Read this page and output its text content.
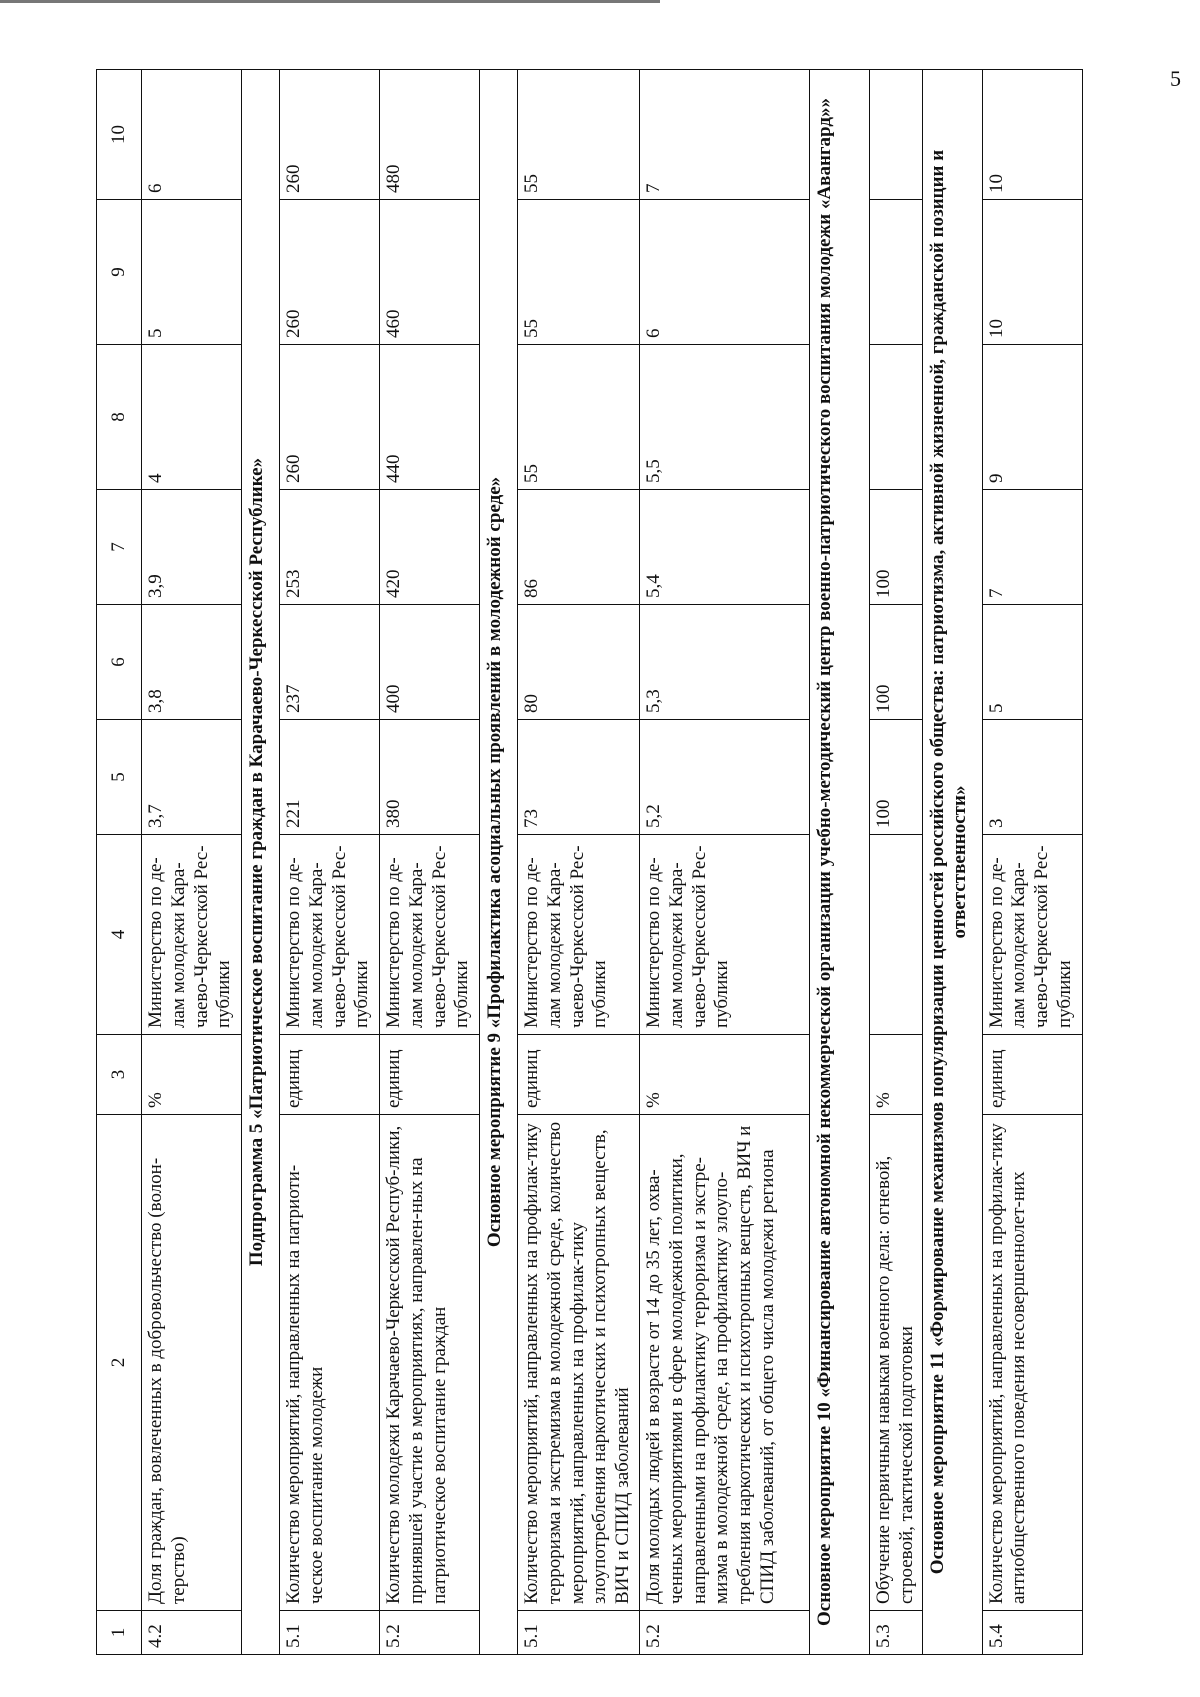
5
1	2	3	4	5	6	7	8	9	10
4.2	Доля граждан, вовлеченных в добровольчество (волон-терство)	%	Министерство по де-лам молодежи Кара-чаево-Черкесской Рес-публики	3,7	3,8	3,9	4	5	6
Подпрограмма 5 «Патриотическое воспитание граждан в Карачаево-Черкесской Республике»									
5.1	Количество мероприятий, направленных на патриоти-ческое воспитание молодежи	единиц	Министерство по де-лам молодежи Кара-чаево-Черкесской Рес-публики	221	237	253	260	260	260
5.2	Количество молодежи Карачаево-Черкесской Респуб-лики, принявшей участие в мероприятиях, направлен-ных на патриотическое воспитание граждан	единиц	Министерство по де-лам молодежи Кара-чаево-Черкесской Рес-публики	380	400	420	440	460	480
Основное мероприятие 9 «Профилактика асоциальных проявлений в молодежной среде»									
5.1	Количество мероприятий, направленных на профилак-тику терроризма и экстремизма в молодежной среде, количество мероприятий, направленных на профилак-тику злоупотребления наркотических и психотропных веществ, ВИЧ и СПИД заболеваний	единиц	Министерство по де-лам молодежи Кара-чаево-Черкесской Рес-публики	73	80	86	55	55	55
5.2	Доля молодых людей в возрасте от 14 до 35 лет, охва-ченных мероприятиями в сфере молодежной политики, направленными на профилактику терроризма и экстре-мизма в молодежной среде, на профилактику злоупо-требления наркотических и психотропных веществ, ВИЧ и СПИД заболеваний, от общего числа молодежи региона	%	Министерство по де-лам молодежи Кара-чаево-Черкесской Рес-публики	5,2	5,3	5,4	5,5	6	7
Основное мероприятие 10 «Финансирование автономной некоммерческой организации учебно-методический центр военно-патриотического воспитания молодежи «Авангард»»									
5.3	Обучение первичным навыкам военного дела: огневой, строевой, тактической подготовки	%		100	100	100			
Основное мероприятие 11 «Формирование механизмов популяризации ценностей российского общества: патриотизма, активной жизненной, гражданской позиции и ответственности»									
5.4	Количество мероприятий, направленных на профилак-тику антиобщественного поведения несовершеннолет-них	единиц	Министерство по де-лам молодежи Кара-чаево-Черкесской Рес-публики	3	5	7	9	10	10
